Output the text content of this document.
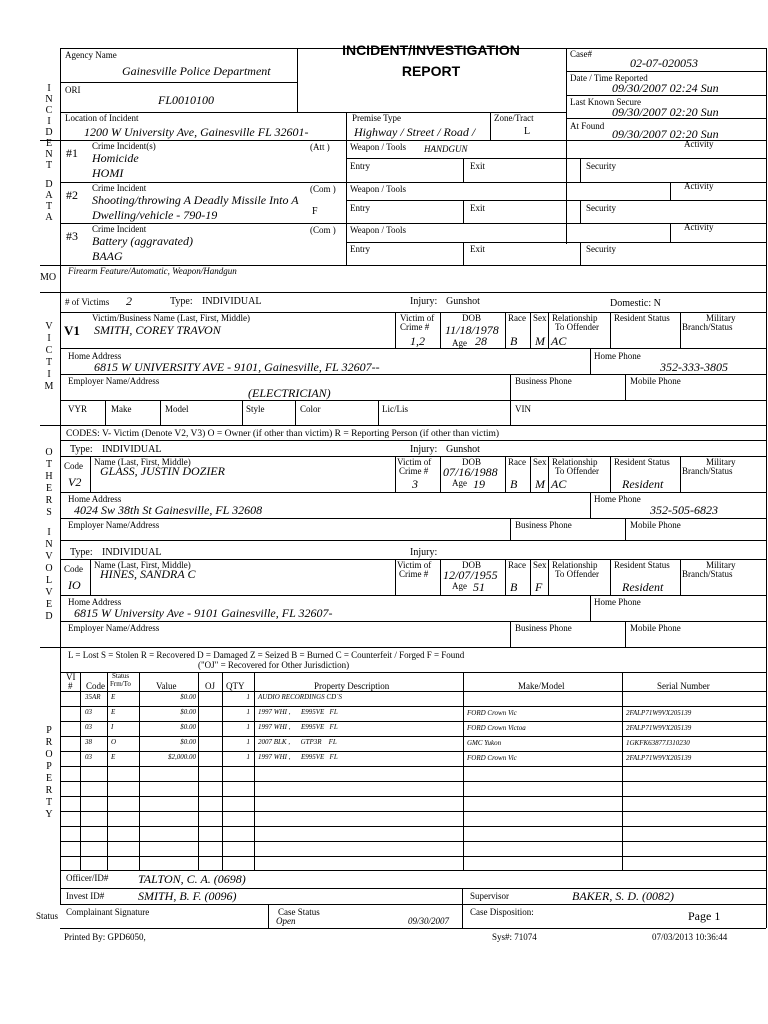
INCIDENT/INVESTIGATION
REPORT
I
N
C
I
D
E
N
T
D
A
T
A
MO
V
I
C
T
I
M
O
T
H
E
R
S
I
N
V
O
L
V
E
D
P
R
O
P
E
R
T
Y
Agency Name
Gainesville Police Department
ORI
FL0010100
Case#
02-07-020053
Date / Time Reported
09/30/2007 02:24 Sun
Last Known Secure
09/30/2007 02:20 Sun
At Found
09/30/2007 02:20 Sun
Location of Incident
1200 W University Ave, Gainesville FL 32601-
Premise Type
Highway / Street / Road /
Zone/Tract
L
#1 Crime Incident(s)	(Att )
Homicide
HOMI
Weapon / Tools HANDGUN	Activity
Entry	Exit	Security
#2 Crime Incident	(Com )
Shooting/throwing A Deadly Missile Into A
Dwelling/vehicle - 790-19	F
Weapon / Tools	Activity
Entry	Exit	Security
#3 Crime Incident	(Com )
Battery (aggravated)
BAAG
Weapon / Tools	Activity
Entry	Exit	Security
Firearm Feature/Automatic, Weapon/Handgun
# of Victims 2	Type: INDIVIDUAL	Injury: Gunshot	Domestic: N
Victim/Business Name (Last, First, Middle)
V1 SMITH, COREY TRAVON
Victim of
Crime #
1,2
DOB
11/18/1978
Age 28
Race
B
Sex
M
Relationship
To Offender
AC
Resident Status	Military
Branch/Status
Home Address
6815 W UNIVERSITY AVE - 9101, Gainesville, FL 32607--
Home Phone
352-333-3805
Employer Name/Address
(ELECTRICIAN)
Business Phone	Mobile Phone
VYR	Make	Model	Style	Color	Lic/Lis	VIN
CODES: V- Victim (Denote V2, V3) O = Owner (if other than victim) R = Reporting Person (if other than victim)
Type: INDIVIDUAL	Injury: Gunshot
Code
V2
Name (Last, First, Middle)
GLASS, JUSTIN DOZIER
Victim of
Crime #
3
DOB
07/16/1988
Age 19
Race
B
Sex
M
Relationship
To Offender
AC
Resident Status
Resident
Military
Branch/Status
Home Address
4024 Sw 38th St Gainesville, FL 32608
Home Phone
352-505-6823
Employer Name/Address	Business Phone	Mobile Phone
Type: INDIVIDUAL	Injury:
Code
IO
Name (Last, First, Middle)
HINES, SANDRA C
Victim of
Crime #
DOB
12/07/1955
Age 51
Race
B
Sex
F
Relationship
To Offender
Resident Status
Resident
Military
Branch/Status
Home Address
6815 W University Ave - 9101 Gainesville, FL 32607-
Home Phone
Employer Name/Address	Business Phone	Mobile Phone
L = Lost S = Stolen R = Recovered D = Damaged Z = Seized B = Burned C = Counterfeit / Forged F = Found
("OJ" = Recovered for Other Jurisdiction)
VI
# Code
Status
Frm/To	Value	OJ QTY	Property Description	Make/Model	Serial Number
35AR E	$0.00	1 AUDIO RECORDINGS CD`S
03	E	$0.00	1 1997 WHI ,      E995VE   FL	FORD Crown Vic	2FALP71W9VX205139
03	I	$0.00	1 1997 WHI ,      E995VE   FL	FORD Crown Victoa	2FALP71W9VX205139
38	O	$0.00	1 2007 BLK ,      GTP3R    FL	GMC Yukon	1GKFK63877J310230
03	E	$2,000.00	1 1997 WHI ,      E995VE   FL	FORD Crown Vic	2FALP71W9VX205139
Officer/ID# TALTON, C. A. (0698)
Invest ID#	SMITH, B. F. (0096)	Supervisor	BAKER, S. D. (0082)
Status Complainant Signature	Case Status
Open	09/30/2007
Case Disposition:	Page 1
Printed By: GPD6050,	Sys#: 71074	07/03/2013 10:36:44
